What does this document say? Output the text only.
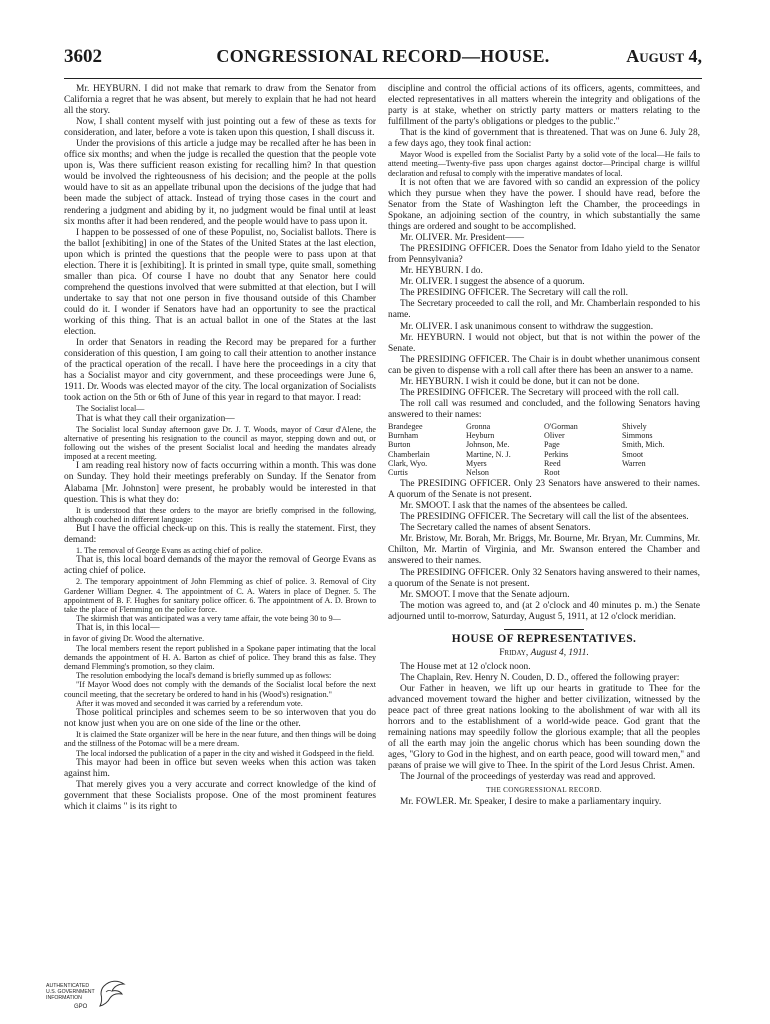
3602	CONGRESSIONAL RECORD—HOUSE.	August 4,

Mr. HEYBURN. I did not make that remark to draw from the Senator from California a regret that he was absent, but merely to explain that he had not heard all the story.

Now, I shall content myself with just pointing out a few of these as texts for consideration, and later, before a vote is taken upon this question, I shall discuss it.

Under the provisions of this article a judge may be recalled after he has been in office six months; and when the judge is recalled the question that the people vote upon is, Was there sufficient reason existing for recalling him? In that question would be involved the righteousness of his decision; and the people at the polls would have to sit as an appellate tribunal upon the decisions of the judge that had been made the subject of attack. Instead of trying those cases in the court and rendering a judgment and abiding by it, no judgment would be final until at least six months after it had been rendered, and the people would have to pass upon it.

I happen to be possessed of one of these Populist, no, Socialist ballots. There is the ballot [exhibiting] in one of the States of the United States at the last election, upon which is printed the questions that the people were to pass upon at that election. There it is [exhibiting]. It is printed in small type, quite small, something smaller than pica. Of course I have no doubt that any Senator here could comprehend the questions involved that were submitted at that election, but I will undertake to say that not one person in five thousand outside of this Chamber could do it. I wonder if Senators have had an opportunity to see the practical working of this thing. That is an actual ballot in one of the States at the last election.

In order that Senators in reading the Record may be prepared for a further consideration of this question, I am going to call their attention to another instance of the practical operation of the recall. I have here the proceedings in a city that has a Socialist mayor and city government, and these proceedings were June 6, 1911. Dr. Woods was elected mayor of the city. The local organization of Socialists took action on the 5th or 6th of June of this year in regard to that mayor. I read:

The Socialist local—

That is what they call their organization—

The Socialist local Sunday afternoon gave Dr. J. T. Woods, mayor of Cœur d'Alene, the alternative of presenting his resignation to the council as mayor, stepping down and out, or following out the wishes of the present Socialist local and heeding the mandates already imposed at a recent meeting.

I am reading real history now of facts occurring within a month. This was done on Sunday. They hold their meetings preferably on Sunday. If the Senator from Alabama [Mr. Johnston] were present, he probably would be interested in that question. This is what they do:

It is understood that these orders to the mayor are briefly comprised in the following, although couched in different language:

But I have the official check-up on this. This is really the statement. First, they demand:

1. The removal of George Evans as acting chief of police.

That is, this local board demands of the mayor the removal of George Evans as acting chief of police.

2. The temporary appointment of John Flemming as chief of police. 3. Removal of City Gardener William Degner. 4. The appointment of C. A. Waters in place of Degner. 5. The appointment of B. F. Hughes for sanitary police officer. 6. The appointment of A. D. Brown to take the place of Flemming on the police force.

The skirmish that was anticipated was a very tame affair, the vote being 30 to 9—

That is, in this local—

in favor of giving Dr. Wood the alternative.

The local members resent the report published in a Spokane paper intimating that the local demands the appointment of H. A. Barton as chief of police. They brand this as false. They demand Flemming's promotion, so they claim.

The resolution embodying the local's demand is briefly summed up as follows:

"If Mayor Wood does not comply with the demands of the Socialist local before the next council meeting, that the secretary be ordered to hand in his (Wood's) resignation."

After it was moved and seconded it was carried by a referendum vote.

Those political principles and schemes seem to be so interwoven that you do not know just when you are on one side of the line or the other.

It is claimed the State organizer will be here in the near future, and then things will be doing and the stillness of the Potomac will be a mere dream.

The local indorsed the publication of a paper in the city and wished it Godspeed in the field.

This mayor had been in office but seven weeks when this action was taken against him.

That merely gives you a very accurate and correct knowledge of the kind of government that these Socialists propose. One of the most prominent features which it claims " is its right to

discipline and control the official actions of its officers, agents, committees, and elected representatives in all matters wherein the integrity and obligations of the party is at stake, whether on strictly party matters or matters relating to the fulfillment of the party's obligations or pledges to the public."

That is the kind of government that is threatened. That was on June 6. July 28, a few days ago, they took final action:

Mayor Wood is expelled from the Socialist Party by a solid vote of the local—He fails to attend meeting—Twenty-five pass upon charges against doctor—Principal charge is willful declaration and refusal to comply with the imperative mandates of local.

It is not often that we are favored with so candid an expression of the policy which they pursue when they have the power. I should have read, before the Senator from the State of Washington left the Chamber, the proceedings in Spokane, an adjoining section of the country, in which substantially the same things are ordered and sought to be accomplished.

Mr. OLIVER. Mr. President——

The PRESIDING OFFICER. Does the Senator from Idaho yield to the Senator from Pennsylvania?

Mr. HEYBURN. I do.

Mr. OLIVER. I suggest the absence of a quorum.

The PRESIDING OFFICER. The Secretary will call the roll.

The Secretary proceeded to call the roll, and Mr. Chamberlain responded to his name.

Mr. OLIVER. I ask unanimous consent to withdraw the suggestion.

Mr. HEYBURN. I would not object, but that is not within the power of the Senate.

The PRESIDING OFFICER. The Chair is in doubt whether unanimous consent can be given to dispense with a roll call after there has been an answer to a name.

Mr. HEYBURN. I wish it could be done, but it can not be done.

The PRESIDING OFFICER. The Secretary will proceed with the roll call.

The roll call was resumed and concluded, and the following Senators having answered to their names:

Brandegee	Gronna	O'Gorman	Shively
Burnham	Heyburn	Oliver	Simmons
Burton	Johnson, Me.	Page	Smith, Mich.
Chamberlain	Martine, N. J.	Perkins	Smoot
Clark, Wyo.	Myers	Reed	Warren
Curtis	Nelson	Root

The PRESIDING OFFICER. Only 23 Senators have answered to their names. A quorum of the Senate is not present.

Mr. SMOOT. I ask that the names of the absentees be called.

The PRESIDING OFFICER. The Secretary will call the list of the absentees.

The Secretary called the names of absent Senators.

Mr. Bristow, Mr. Borah, Mr. Briggs, Mr. Bourne, Mr. Bryan, Mr. Cummins, Mr. Chilton, Mr. Martin of Virginia, and Mr. Swanson entered the Chamber and answered to their names.

The PRESIDING OFFICER. Only 32 Senators having answered to their names, a quorum of the Senate is not present.

Mr. SMOOT. I move that the Senate adjourn.

The motion was agreed to, and (at 2 o'clock and 40 minutes p. m.) the Senate adjourned until to-morrow, Saturday, August 5, 1911, at 12 o'clock meridian.

HOUSE OF REPRESENTATIVES.

Friday, August 4, 1911.

The House met at 12 o'clock noon.

The Chaplain, Rev. Henry N. Couden, D. D., offered the following prayer:

Our Father in heaven, we lift up our hearts in gratitude to Thee for the advanced movement toward the higher and better civilization, witnessed by the peace pact of three great nations looking to the abolishment of war with all its horrors and to the establishment of a world-wide peace. God grant that the remaining nations may speedily follow the glorious example; that all the peoples of all the earth may join the angelic chorus which has been sounding down the ages, "Glory to God in the highest, and on earth peace, good will toward men," and pæans of praise we will give to Thee. In the spirit of the Lord Jesus Christ. Amen.

The Journal of the proceedings of yesterday was read and approved.

THE CONGRESSIONAL RECORD.

Mr. FOWLER. Mr. Speaker, I desire to make a parliamentary inquiry.

AUTHENTICATED
U.S. GOVERNMENT
INFORMATION
GPO
